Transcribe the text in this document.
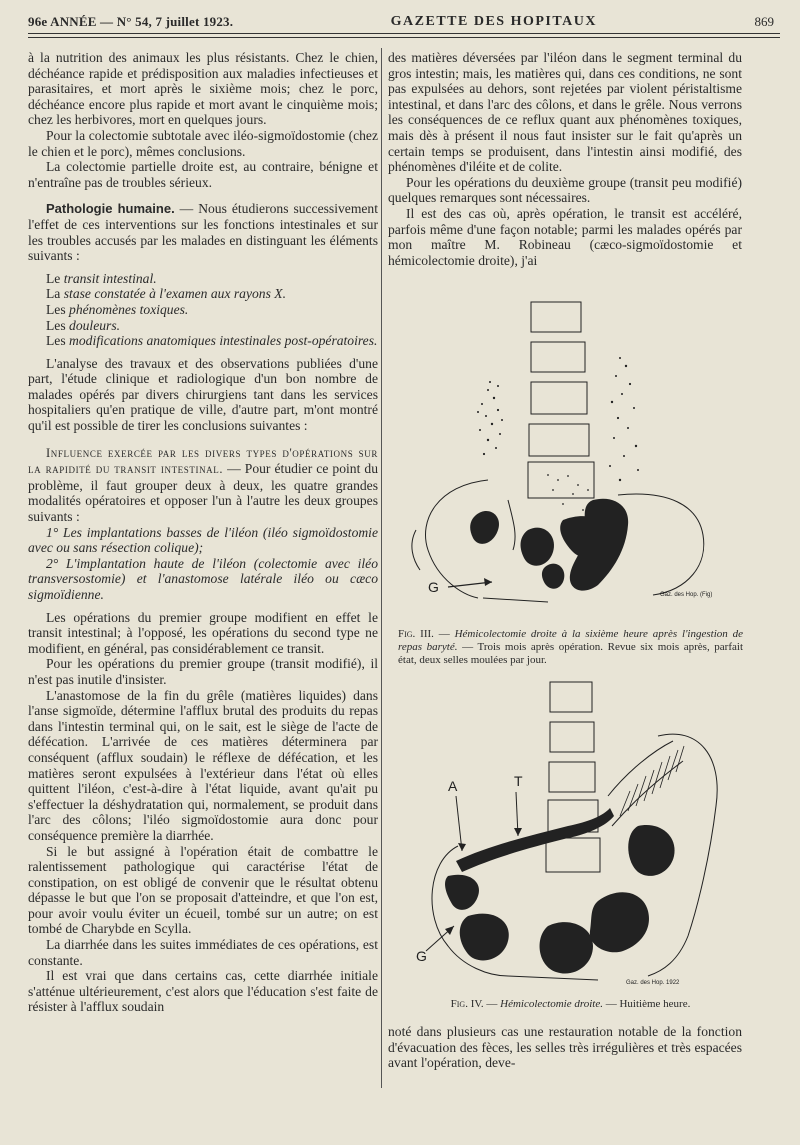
96e ANNÉE — N° 54, 7 juillet 1923.	GAZETTE DES HOPITAUX	869

à la nutrition des animaux les plus résistants. Chez le chien, déchéance rapide et prédisposition aux maladies infectieuses et parasitaires, et mort après le sixième mois; chez le porc, déchéance encore plus rapide et mort avant le cinquième mois; chez les herbivores, mort en quelques jours.

Pour la colectomie subtotale avec iléo-sigmoïdostomie (chez le chien et le porc), mêmes conclusions.

La colectomie partielle droite est, au contraire, bénigne et n'entraîne pas de troubles sérieux.

Pathologie humaine. — Nous étudierons successivement l'effet de ces interventions sur les fonctions intestinales et sur les troubles accusés par les malades en distinguant les éléments suivants :

Le transit intestinal.

La stase constatée à l'examen aux rayons X.

Les phénomènes toxiques.

Les douleurs.

Les modifications anatomiques intestinales post-opératoires.

L'analyse des travaux et des observations publiées d'une part, l'étude clinique et radiologique d'un bon nombre de malades opérés par divers chirurgiens tant dans les services hospitaliers qu'en pratique de ville, d'autre part, m'ont montré qu'il est possible de tirer les conclusions suivantes :

Influence exercée par les divers types d'opérations sur la rapidité du transit intestinal. — Pour étudier ce point du problème, il faut grouper deux à deux, les quatre grandes modalités opératoires et opposer l'un à l'autre les deux groupes suivants :

1° Les implantations basses de l'iléon (iléo sigmoïdostomie avec ou sans résection colique);

2° L'implantation haute de l'iléon (colectomie avec iléo transversostomie) et l'anastomose latérale iléo ou cæco sigmoïdienne.

Les opérations du premier groupe modifient en effet le transit intestinal; à l'opposé, les opérations du second type ne modifient, en général, pas considérablement ce transit.

Pour les opérations du premier groupe (transit modifié), il n'est pas inutile d'insister.

L'anastomose de la fin du grêle (matières liquides) dans l'anse sigmoïde, détermine l'afflux brutal des produits du repas dans l'intestin terminal qui, on le sait, est le siège de l'acte de défécation. L'arrivée de ces matières déterminera par conséquent (afflux soudain) le réflexe de défécation, et les matières seront expulsées à l'extérieur dans l'état où elles quittent l'iléon, c'est-à-dire à l'état liquide, avant qu'ait pu s'effectuer la déshydratation qui, normalement, se produit dans l'arc des côlons; l'iléo sigmoïdostomie aura donc pour conséquence première la diarrhée.

Si le but assigné à l'opération était de combattre le ralentissement pathologique qui caractérise l'état de constipation, on est obligé de convenir que le résultat obtenu dépasse le but que l'on se proposait d'atteindre, et que l'on est, pour avoir voulu éviter un écueil, tombé sur un autre; on est tombé de Charybde en Scylla.

La diarrhée dans les suites immédiates de ces opérations, est constante.

Il est vrai que dans certains cas, cette diarrhée initiale s'atténue ultérieurement, c'est alors que l'éducation s'est faite de résister à l'afflux soudain

des matières déversées par l'iléon dans le segment terminal du gros intestin; mais, les matières qui, dans ces conditions, ne sont pas expulsées au dehors, sont rejetées par violent péristaltisme intestinal, et dans l'arc des côlons, et dans le grêle. Nous verrons les conséquences de ce reflux quant aux phénomènes toxiques, mais dès à présent il nous faut insister sur le fait qu'après un certain temps se produisent, dans l'intestin ainsi modifié, des phénomènes d'iléite et de colite.

Pour les opérations du deuxième groupe (transit peu modifié) quelques remarques sont nécessaires.

Il est des cas où, après opération, le transit est accéléré, parfois même d'une façon notable; parmi les malades opérés par mon maître M. Robineau (cæco-sigmoïdostomie et hémicolectomie droite), j'ai

G	Gaz. des Hop. (Fig)
Fig. III. — Hémicolectomie droite à la sixième heure après l'ingestion de repas baryté. — Trois mois après opération. Revue six mois après, parfait état, deux selles moulées par jour.
A	T
G
Gaz. des Hop. 1922
Fig. IV. — Hémicolectomie droite. — Huitième heure.

noté dans plusieurs cas une restauration notable de la fonction d'évacuation des fèces, les selles très irrégulières et très espacées avant l'opération, deve-
